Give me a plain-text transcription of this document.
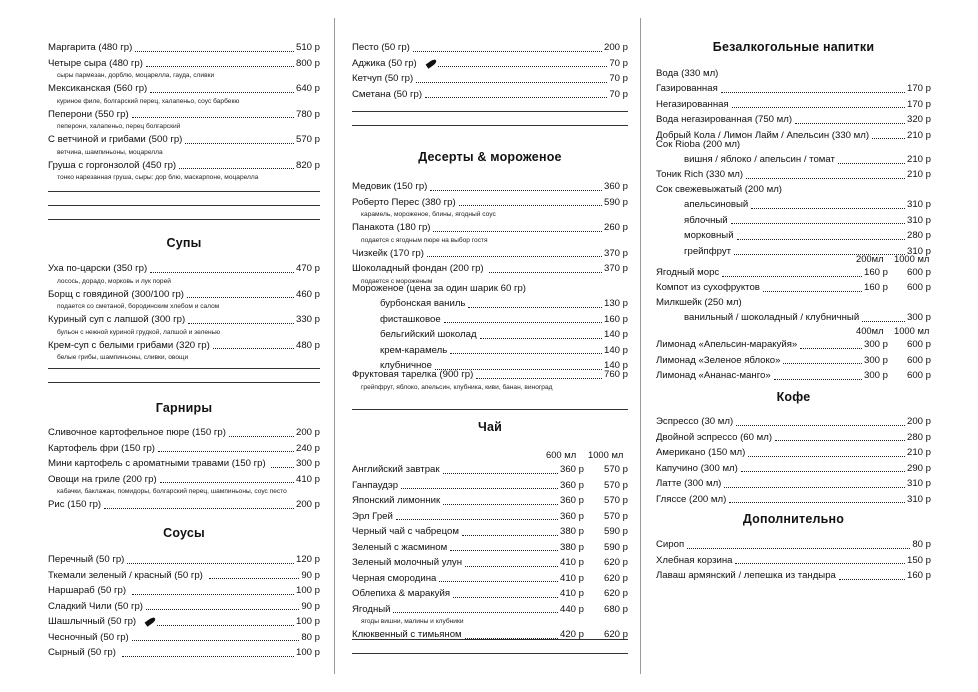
Маргарита (480 гр)	510 р
Четыре сыра (480 гр)	800 р
сыры пармезан, дорблю, моцарелла, гауда, сливки
Мексиканская (560 гр)	640 р
куриное филе, болгарский перец, халапеньо, соус барбекю
Пеперони (550 гр)	780 р
пеперони, халапеньо, перец болгарский
С ветчиной и грибами (500 гр)	570 р
ветчина, шампиньоны, моцарелла
Груша с горгонзолой (450 гр)	820 р
тонко нарезанная груша, сыры: дор блю, маскарпоне, моцарелла
Супы
Уха по-царски (350 гр)	470 р
лосось, дорадо, морковь и лук порей
Борщ с говядиной (300/100 гр)	460 р
подается со сметаной, бородинским хлебом и салом
Куриный суп с лапшой (300 гр)	330 р
бульон с нежной куриной грудкой, лапшой и зеленью
Крем-суп с белыми грибами (320 гр)	480 р
белые грибы, шампиньоны, сливки, овощи
Гарниры
Сливочное картофельное пюре (150 гр)	200 р
Картофель фри (150 гр)	240 р
Мини картофель с ароматными травами (150 гр)	300 р
Овощи на гриле (200 гр)	410 р
кабачки, баклажан, помидоры, болгарский перец, шампиньоны, соус песто
Рис (150 гр)	200 р
Соусы
Перечный (50 гр)	120 р
Ткемали зеленый / красный (50 гр)	90 р
Наршараб (50 гр)	100 р
Сладкий Чили (50 гр)	90 р
Шашлычный (50 гр)	100 р
Чесночный (50 гр)	80 р
Сырный (50 гр)	100 р
Песто (50 гр)	200 р
Аджика (50 гр)	70 р
Кетчуп (50 гр)	70 р
Сметана (50 гр)	70 р
Десерты & мороженое
Медовик (150 гр)	360 р
Роберто Перес (380 гр)	590 р
карамель, мороженое, блины, ягодный соус
Панакота (180 гр)	260 р
подается с ягодным пюре на выбор гостя
Чизкейк (170 гр)	370 р
Шоколадный фондан (200 гр)	370 р
подается с мороженым
Мороженое (цена за один шарик 60 гр)
бурбонская ваниль	130 р
фисташковое	160 р
бельгийский шоколад	140 р
крем-карамель	140 р
клубничное	140 р
Фруктовая тарелка (900 гр)	760 р
грейпфрут, яблоко, апельсин, клубника, киви, банан, виноград
Чай
600 мл 1000 мл
Английский завтрак	360 р 570 р
Ганпаудэр	360 р 570 р
Японский лимонник	360 р 570 р
Эрл Грей	360 р 570 р
Черный чай с чабрецом	380 р 590 р
Зеленый с жасмином	380 р 590 р
Зеленый молочный улун	410 р 620 р
Черная смородина	410 р 620 р
Облепиха & маракуйя	410 р 620 р
Ягодный	440 р 680 р
ягоды вишни, малины и клубники
Клюквенный с тимьяном	420 р 620 р
Безалкогольные напитки
Вода (330 мл)
Газированная	170 р
Негазированная	170 р
Вода негазированная (750 мл)	320 р
Добрый Кола / Лимон Лайм / Апельсин (330 мл)	210 р
Сок Rioba (200 мл)
вишня / яблоко / апельсин / томат	210 р
Тоник Rich (330 мл)	210 р
Сок свежевыжатый (200 мл)
апельсиновый	310 р
яблочный	310 р
морковный	280 р
грейпфрут	310 р
200мл 1000 мл
Ягодный морс	160 р 600 р
Компот из сухофруктов	160 р 600 р
Милкшейк (250 мл)
ванильный / шоколадный / клубничный	300 р
400мл 1000 мл
Лимонад «Апельсин-маракуйя»	300 р 600 р
Лимонад «Зеленое яблоко»	300 р 600 р
Лимонад «Ананас-манго»	300 р 600 р
Кофе
Эспрессо (30 мл)	200 р
Двойной эспрессо (60 мл)	280 р
Американо (150 мл)	210 р
Капучино (300 мл)	290 р
Латте (300 мл)	310 р
Глясcе (200 мл)	310 р
Дополнительно
Сироп	80 р
Хлебная корзина	150 р
Лаваш армянский / лепешка из тандыра	160 р
